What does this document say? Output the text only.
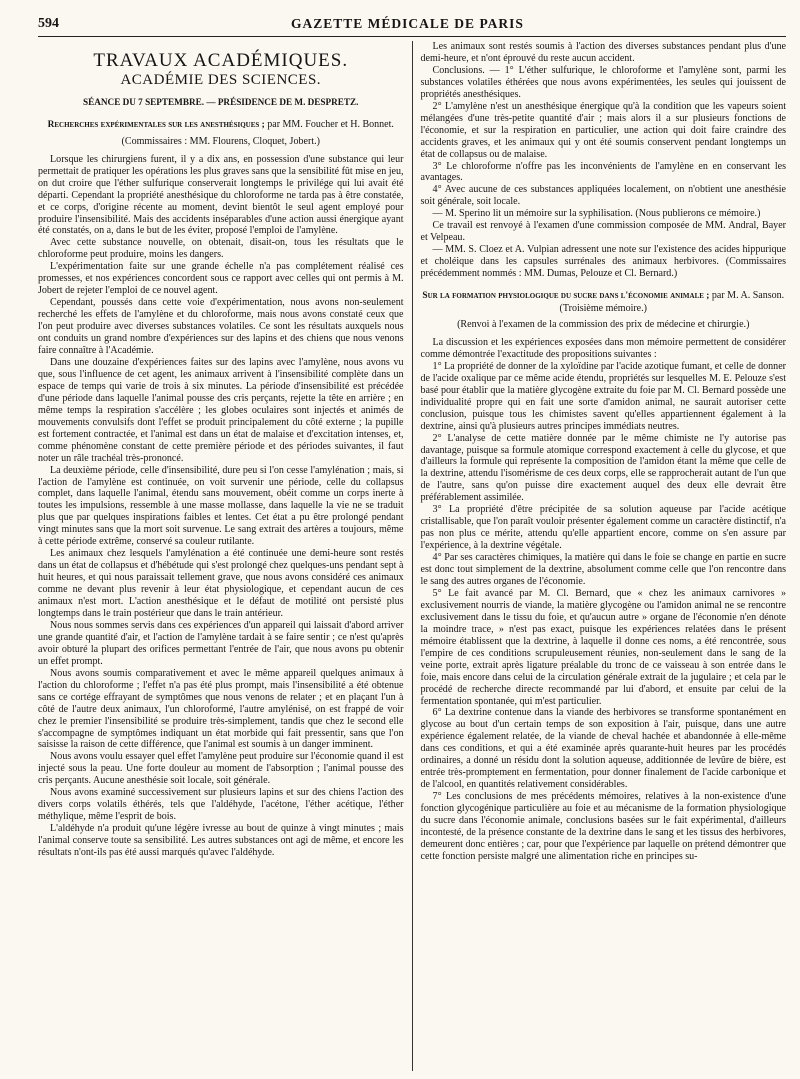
594	GAZETTE MÉDICALE DE PARIS

TRAVAUX ACADÉMIQUES.

ACADÉMIE DES SCIENCES.

SÉANCE DU 7 SEPTEMBRE. — PRÉSIDENCE DE M. DESPRETZ.

Recherches expérimentales sur les anesthésiques ; par MM. Foucher et H. Bonnet.

(Commissaires : MM. Flourens, Cloquet, Jobert.)

Lorsque les chirurgiens furent, il y a dix ans, en possession d'une substance qui leur permettait de pratiquer les opérations les plus graves sans que la sensibilité fût mise en jeu, on dut croire que l'éther sulfurique conserverait longtemps le privilége qui lui avait été départi. Cependant la propriété anesthésique du chloroforme ne tarda pas à être constatée, et ce corps, d'origine récente au moment, devint bientôt le seul agent employé pour produire l'insensibilité. Mais des accidents inséparables d'une action aussi énergique ayant été constatés, on a, dans le but de les éviter, proposé l'emploi de l'amylène.

Avec cette substance nouvelle, on obtenait, disait-on, tous les résultats que le chloroforme peut produire, moins les dangers.

L'expérimentation faite sur une grande échelle n'a pas complétement réalisé ces promesses, et nos expériences concordent sous ce rapport avec celles qui ont permis à M. Jobert de rejeter l'emploi de ce nouvel agent.

Cependant, poussés dans cette voie d'expérimentation, nous avons non-seulement recherché les effets de l'amylène et du chloroforme, mais nous avons constaté ceux que l'on peut produire avec diverses substances volatiles. Ce sont les résultats auxquels nous ont conduits un grand nombre d'expériences sur des lapins et des chiens que nous venons faire connaître à l'Académie.

Dans une douzaine d'expériences faites sur des lapins avec l'amylène, nous avons vu que, sous l'influence de cet agent, les animaux arrivent à l'insensibilité complète dans un espace de temps qui varie de trois à six minutes. La période d'insensibilité est précédée d'une période dans laquelle l'animal pousse des cris perçants, rejette la tête en arrière ; en même temps la respiration s'accélère ; les globes oculaires sont injectés et animés de mouvements convulsifs dont l'effet se produit principalement du côté externe ; la pupille est fortement contractée, et l'animal est dans un état de malaise et d'excitation intenses, et, comme phénomène constant de cette première période et des périodes suivantes, il faut noter un râle trachéal très-prononcé.

La deuxième période, celle d'insensibilité, dure peu si l'on cesse l'amylénation ; mais, si l'action de l'amylène est continuée, on voit survenir une période, celle du collapsus complet, dans laquelle l'animal, étendu sans mouvement, obéit comme un corps inerte à toutes les impulsions, ressemble à une masse mollasse, dans laquelle la vie ne se traduit plus que par quelques inspirations faibles et lentes. Cet état a pu être prolongé pendant vingt minutes sans que la mort soit survenue. Le sang extrait des artères a toujours, même à cette période extrême, conservé sa couleur rutilante.

Les animaux chez lesquels l'amylénation a été continuée une demi-heure sont restés dans un état de collapsus et d'hébétude qui s'est prolongé chez quelques-uns pendant sept à huit heures, et qui nous paraissait tellement grave, que nous avons considéré ces animaux comme ne devant plus revenir à leur état physiologique, et cependant aucun de ces animaux n'est mort. L'action anesthésique et le défaut de motilité ont persisté plus longtemps dans le train postérieur que dans le train antérieur.

Nous nous sommes servis dans ces expériences d'un appareil qui laissait d'abord arriver une grande quantité d'air, et l'action de l'amylène tardait à se faire sentir ; ce n'est qu'après avoir obturé la plupart des orifices permettant l'entrée de l'air, que nous avons pu obtenir un effet prompt.

Nous avons soumis comparativement et avec le même appareil quelques animaux à l'action du chloroforme ; l'effet n'a pas été plus prompt, mais l'insensibilité a été obtenue sans ce cortége effrayant de symptômes que nous venons de relater ; et en plaçant l'un à côté de l'autre deux animaux, l'un chloroformé, l'autre amylénisé, on est frappé de voir chez le premier l'insensibilité se produire très-simplement, tandis que chez le second elle s'accompagne de symptômes indiquant un état morbide qui fait pressentir, sans que l'on saisisse la raison de cette différence, que l'animal est soumis à un danger imminent.

Nous avons voulu essayer quel effet l'amylène peut produire sur l'économie quand il est injecté sous la peau. Une forte douleur au moment de l'absorption ; l'animal pousse des cris perçants. Aucune anesthésie soit locale, soit générale.

Nous avons examiné successivement sur plusieurs lapins et sur des chiens l'action des divers corps volatils éthérés, tels que l'aldéhyde, l'acétone, l'éther acétique, l'éther méthylique, même l'esprit de bois.

L'aldéhyde n'a produit qu'une légère ivresse au bout de quinze à vingt minutes ; mais l'animal conserve toute sa sensibilité. Les autres substances ont agi de même, et encore les résultats n'ont-ils pas été aussi marqués qu'avec l'aldéhyde.

Les animaux sont restés soumis à l'action des diverses substances pendant plus d'une demi-heure, et n'ont éprouvé du reste aucun accident.

Conclusions. — 1° L'éther sulfurique, le chloroforme et l'amylène sont, parmi les substances volatiles éthérées que nous avons expérimentées, les seules qui jouissent de propriétés anesthésiques.

2° L'amylène n'est un anesthésique énergique qu'à la condition que les vapeurs soient mélangées d'une très-petite quantité d'air ; mais alors il a sur plusieurs fonctions de l'économie, et sur la respiration en particulier, une action qui doit faire craindre des accidents graves, et les animaux qui y ont été soumis conservent pendant longtemps un état de collapsus ou de malaise.

3° Le chloroforme n'offre pas les inconvénients de l'amylène en en conservant les avantages.

4° Avec aucune de ces substances appliquées localement, on n'obtient une anesthésie soit générale, soit locale.

— M. Sperino lit un mémoire sur la syphilisation. (Nous publierons ce mémoire.)

Ce travail est renvoyé à l'examen d'une commission composée de MM. Andral, Bayer et Velpeau.

— MM. S. Cloez et A. Vulpian adressent une note sur l'existence des acides hippurique et choléique dans les capsules surrénales des animaux herbivores. (Commissaires précédemment nommés : MM. Dumas, Pelouze et Cl. Bernard.)

Sur la formation physiologique du sucre dans l'économie animale ; par M. A. Sanson. (Troisième mémoire.)

(Renvoi à l'examen de la commission des prix de médecine et chirurgie.)

La discussion et les expériences exposées dans mon mémoire permettent de considérer comme démontrée l'exactitude des propositions suivantes :

1° La propriété de donner de la xyloïdine par l'acide azotique fumant, et celle de donner de l'acide oxalique par ce même acide étendu, propriétés sur lesquelles M. E. Pelouze s'est basé pour établir que la matière glycogène extraite du foie par M. Cl. Bernard possède une individualité propre qui en fait une sorte d'amidon animal, ne saurait autoriser cette conclusion, puisque tous les chimistes savent qu'elles appartiennent également à la dextrine, ainsi qu'à plusieurs autres principes immédiats neutres.

2° L'analyse de cette matière donnée par le même chimiste ne l'y autorise pas davantage, puisque sa formule atomique correspond exactement à celle du glycose, et que d'ailleurs la formule qui représente la composition de l'amidon étant la même que celle de la dextrine, attendu l'isomérisme de ces deux corps, elle se rapprocherait autant de l'un que de l'autre, sans qu'on puisse dire exactement auquel des deux elle devrait être préférablement assimilée.

3° La propriété d'être précipitée de sa solution aqueuse par l'acide acétique cristallisable, que l'on paraît vouloir présenter également comme un caractère distinctif, n'a pas non plus ce mérite, attendu qu'elle appartient encore, comme on s'en assure par l'expérience, à la dextrine végétale.

4° Par ses caractères chimiques, la matière qui dans le foie se change en partie en sucre est donc tout simplement de la dextrine, absolument comme celle que l'on rencontre dans le sang des autres organes de l'économie.

5° Le fait avancé par M. Cl. Bernard, que « chez les animaux carnivores » exclusivement nourris de viande, la matière glycogène ou l'amidon animal ne se rencontre exclusivement dans le tissu du foie, et qu'aucun autre » organe de l'économie n'en dénote la moindre trace, » n'est pas exact, puisque les expériences relatées dans le présent mémoire établissent que la dextrine, à laquelle il donne ces noms, a été rencontrée, sous l'empire de ces conditions scrupuleusement réunies, non-seulement dans le sang de la veine porte, extrait après ligature préalable du tronc de ce vaisseau à son entrée dans le foie, mais encore dans celui de la circulation générale extrait de la jugulaire ; et cela par le procédé de recherche directe recommandé par lui d'abord, et ensuite par celui de la fermentation spontanée, qui m'est particulier.

6° La dextrine contenue dans la viande des herbivores se transforme spontanément en glycose au bout d'un certain temps de son exposition à l'air, puisque, dans une autre expérience également relatée, de la viande de cheval hachée et abandonnée à elle-même dans ces conditions, et qui a été examinée après quarante-huit heures par les procédés ordinaires, a donné un résidu dont la solution aqueuse, additionnée de levûre de bière, est entrée très-promptement en fermentation, pour donner finalement de l'acide carbonique et de l'alcool, en quantités relativement considérables.

7° Les conclusions de mes précédents mémoires, relatives à la non-existence d'une fonction glycogénique particulière au foie et au mécanisme de la formation physiologique du sucre dans l'économie animale, conclusions basées sur le fait expérimental, d'ailleurs incontesté, de la présence constante de la dextrine dans le sang et les tissus des herbivores, demeurent donc entières ; car, pour que l'expérience par laquelle on prétend démontrer que cette fonction persiste malgré une alimentation riche en principes su-
